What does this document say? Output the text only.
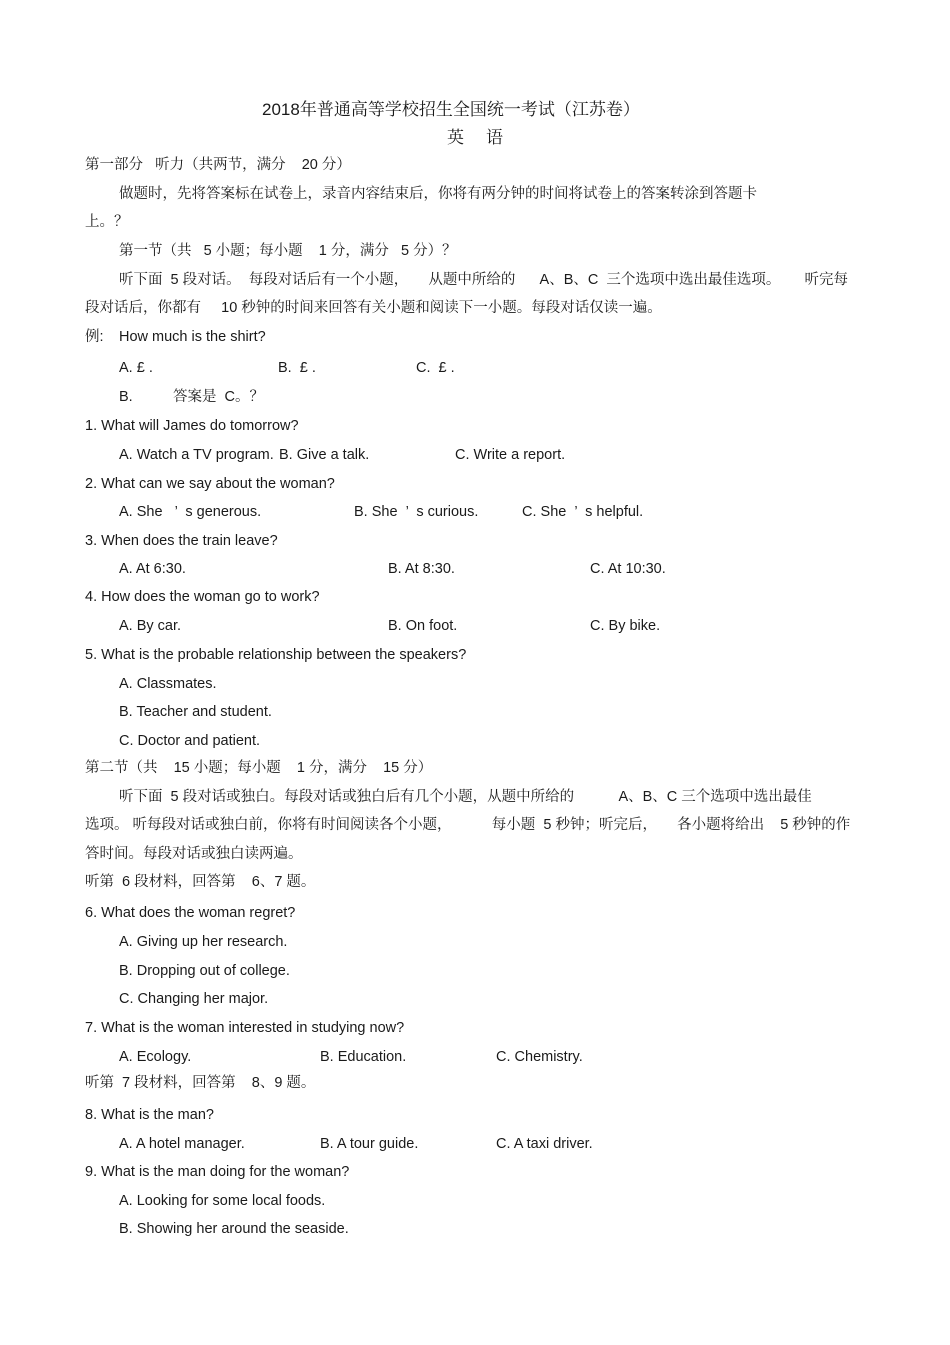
2018年普通高等学校招生全国统一考试（江苏卷）
英语
第一部分   听力（共两节，满分    20 分）
做题时，先将答案标在试卷上，录音内容结束后，你将有两分钟的时间将试卷上的答案转涂到答题卡
上。？
第一节（共   5 小题；每小题    1 分，满分   5 分）？
听下面  5 段对话。  每段对话后有一个小题，     从题中所给的      A、B、C  三个选项中选出最佳选项。      听完每
段对话后，你都有     10 秒钟的时间来回答有关小题和阅读下一小题。每段对话仅读一遍。
例: How much is the shirt?
A. £ .	B.  £ .	C.  £ .
B.          答案是  C。？
1. What will James do tomorrow?
A. Watch a TV program. B. Give a talk.	C. Write a report.
2. What can we say about the woman?
A. She   ’  s generous.	B. She  ’  s curious.	C. She  ’  s helpful.
3. When does the train leave?
A. At 6:30.	B. At 8:30.	C. At 10:30.
4. How does the woman go to work?
A. By car.	B. On foot.	C. By bike.
5. What is the probable relationship between the speakers?
A. Classmates.
B. Teacher and student.
C. Doctor and patient.
第二节（共    15 小题；每小题    1 分，满分    15 分）
听下面  5 段对话或独白。每段对话或独白后有几个小题，从题中所给的           A、B、C 三个选项中选出最佳
选项。 听每段对话或独白前，你将有时间阅读各个小题，          每小题  5 秒钟；听完后，     各小题将给出    5 秒钟的作
答时间。每段对话或独白读两遍。
听第  6 段材料，回答第    6、7 题。
6. What does the woman regret?
A. Giving up her research.
B. Dropping out of college.
C. Changing her major.
7. What is the woman interested in studying now?
A. Ecology.	B. Education.	C. Chemistry.
听第  7 段材料，回答第    8、9 题。
8. What is the man?
A. A hotel manager.	B. A tour guide.	C. A taxi driver.
9. What is the man doing for the woman?
A. Looking for some local foods.
B. Showing her around the seaside.
